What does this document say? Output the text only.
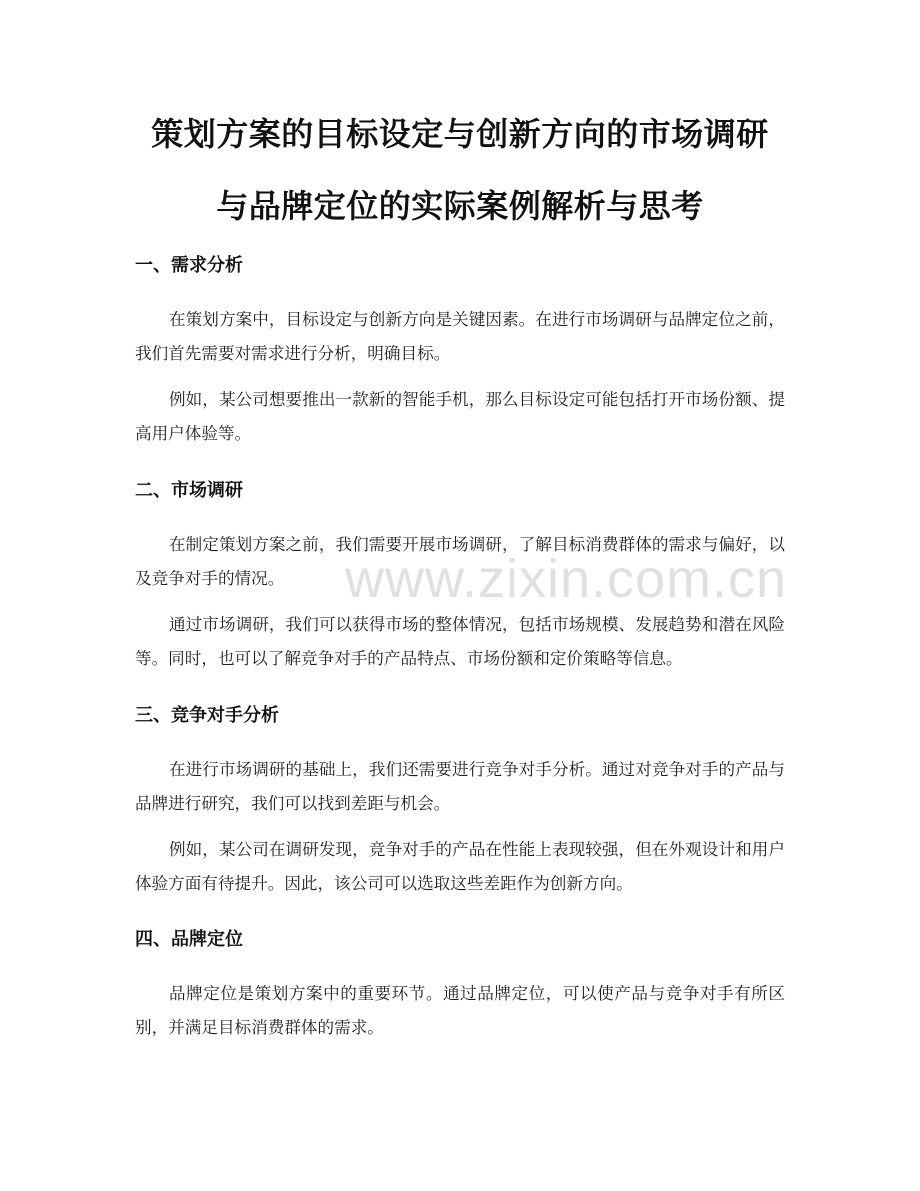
策划方案的目标设定与创新方向的市场调研
与品牌定位的实际案例解析与思考
一、需求分析

在策划方案中，目标设定与创新方向是关键因素。在进行市场调研与品牌定位之前，我们首先需要对需求进行分析，明确目标。

例如，某公司想要推出一款新的智能手机，那么目标设定可能包括打开市场份额、提高用户体验等。

二、市场调研

在制定策划方案之前，我们需要开展市场调研，了解目标消费群体的需求与偏好，以及竞争对手的情况。

通过市场调研，我们可以获得市场的整体情况，包括市场规模、发展趋势和潜在风险等。同时，也可以了解竞争对手的产品特点、市场份额和定价策略等信息。

三、竞争对手分析

在进行市场调研的基础上，我们还需要进行竞争对手分析。通过对竞争对手的产品与品牌进行研究，我们可以找到差距与机会。

例如，某公司在调研发现，竞争对手的产品在性能上表现较强，但在外观设计和用户体验方面有待提升。因此，该公司可以选取这些差距作为创新方向。

四、品牌定位

品牌定位是策划方案中的重要环节。通过品牌定位，可以使产品与竞争对手有所区别，并满足目标消费群体的需求。

www.zixin.com.cn
